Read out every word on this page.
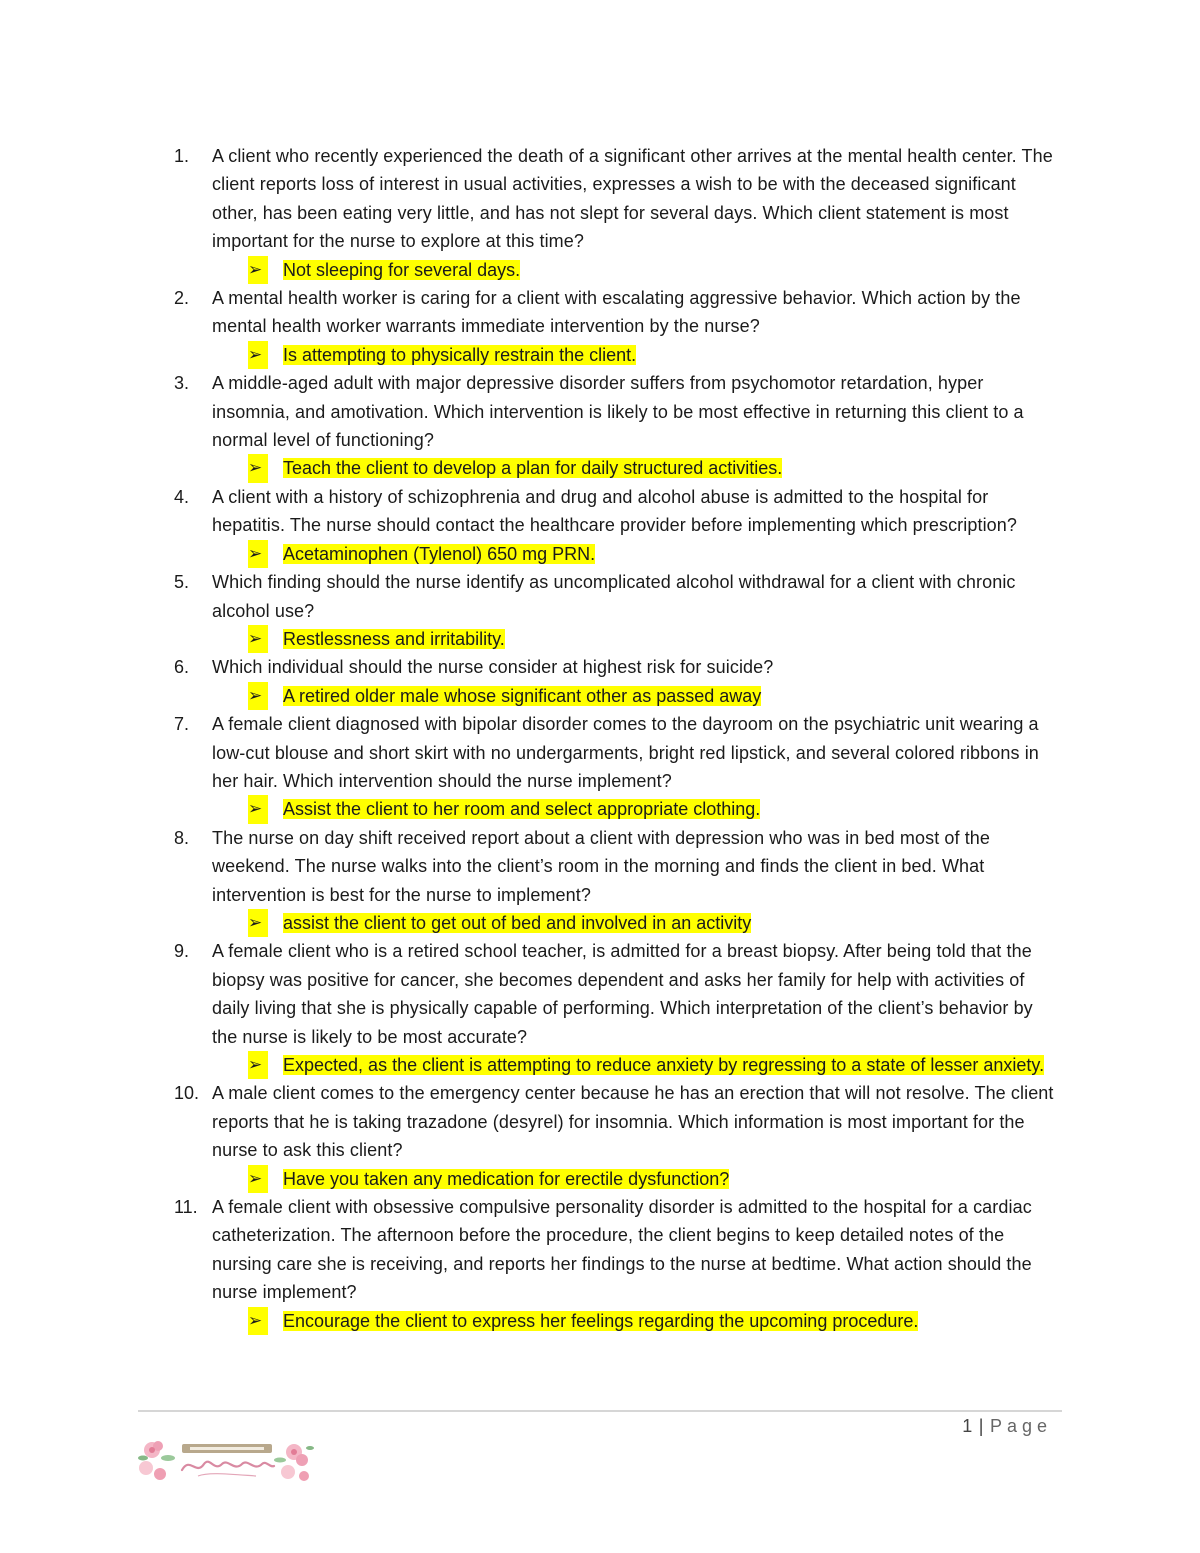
1.	A client who recently experienced the death of a significant other arrives at the mental health center. The client reports loss of interest in usual activities, expresses a wish to be with the deceased significant other, has been eating very little, and has not slept for several days. Which client statement is most important for the nurse to explore at this time?
➢	Not sleeping for several days.
2.	A mental health worker is caring for a client with escalating aggressive behavior. Which action by the mental health worker warrants immediate intervention by the nurse?
➢	Is attempting to physically restrain the client.
3.	A middle-aged adult with major depressive disorder suffers from psychomotor retardation, hyper insomnia, and amotivation. Which intervention is likely to be most effective in returning this client to a normal level of functioning?
➢	Teach the client to develop a plan for daily structured activities.
4.	A client with a history of schizophrenia and drug and alcohol abuse is admitted to the hospital for hepatitis. The nurse should contact the healthcare provider before implementing which prescription?
➢	Acetaminophen (Tylenol) 650 mg PRN.
5.	Which finding should the nurse identify as uncomplicated alcohol withdrawal for a client with chronic alcohol use?
➢	Restlessness and irritability.
6.	Which individual should the nurse consider at highest risk for suicide?
➢	A retired older male whose significant other as passed away
7.	A female client diagnosed with bipolar disorder comes to the dayroom on the psychiatric unit wearing a low-cut blouse and short skirt with no undergarments, bright red lipstick, and several colored ribbons in her hair. Which intervention should the nurse implement?
➢	Assist the client to her room and select appropriate clothing.
8.	The nurse on day shift received report about a client with depression who was in bed most of the weekend. The nurse walks into the client’s room in the morning and finds the client in bed. What intervention is best for the nurse to implement?
➢	assist the client to get out of bed and involved in an activity
9.	A female client who is a retired school teacher, is admitted for a breast biopsy. After being told that the biopsy was positive for cancer, she becomes dependent and asks her family for help with activities of daily living that she is physically capable of performing. Which interpretation of the client’s behavior by the nurse is likely to be most accurate?
➢	Expected, as the client is attempting to reduce anxiety by regressing to a state of lesser anxiety.
10. A male client comes to the emergency center because he has an erection that will not resolve. The client reports that he is taking trazadone (desyrel) for insomnia. Which information is most important for the nurse to ask this client?
➢	Have you taken any medication for erectile dysfunction?
11. A female client with obsessive compulsive personality disorder is admitted to the hospital for a cardiac catheterization. The afternoon before the procedure, the client begins to keep detailed notes of the nursing care she is receiving, and reports her findings to the nurse at bedtime. What action should the nurse implement?
➢	Encourage the client to express her feelings regarding the upcoming procedure.
1 | Page
